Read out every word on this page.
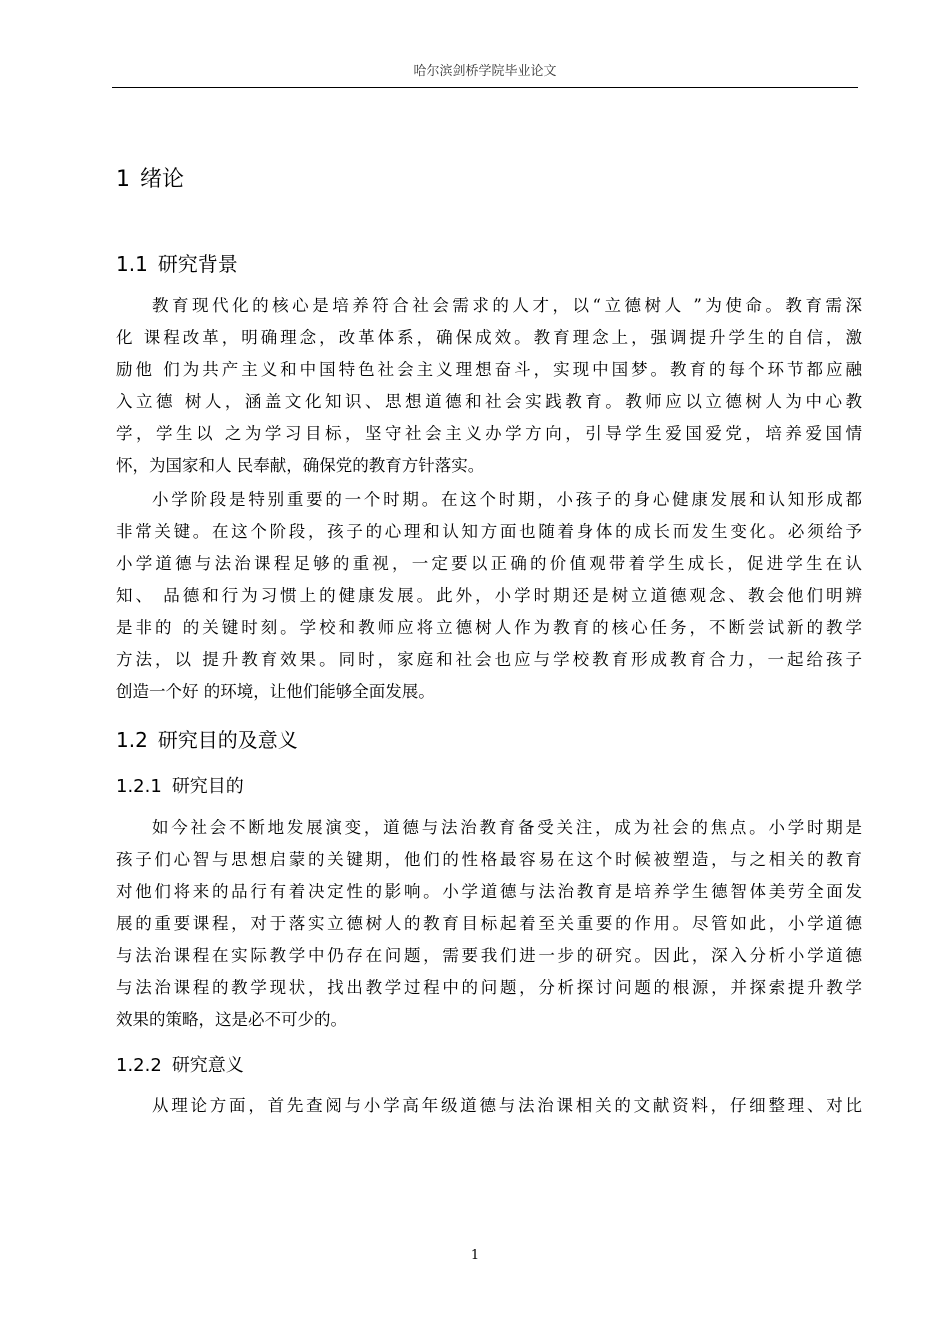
哈尔滨剑桥学院毕业论文
1 绪论
1.1 研究背景
教育现代化的核心是培养符合社会需求的人才，以“立德树人 ”为使命。教育需深
化 课程改革，明确理念，改革体系，确保成效。教育理念上，强调提升学生的自信，激
励他 们为共产主义和中国特色社会主义理想奋斗，实现中国梦。教育的每个环节都应融
入立德 树人，涵盖文化知识、思想道德和社会实践教育。教师应以立德树人为中心教
学，学生以 之为学习目标，坚守社会主义办学方向，引导学生爱国爱党，培养爱国情
怀，为国家和人 民奉献，确保党的教育方针落实。
小学阶段是特别重要的一个时期。在这个时期，小孩子的身心健康发展和认知形成都
非常关键。在这个阶段，孩子的心理和认知方面也随着身体的成长而发生变化。必须给予
小学道德与法治课程足够的重视，一定要以正确的价值观带着学生成长，促进学生在认
知、 品德和行为习惯上的健康发展。此外，小学时期还是树立道德观念、教会他们明辨
是非的 的关键时刻。学校和教师应将立德树人作为教育的核心任务，不断尝试新的教学
方法，以 提升教育效果。同时，家庭和社会也应与学校教育形成教育合力，一起给孩子
创造一个好 的环境，让他们能够全面发展。
1.2 研究目的及意义
1.2.1 研究目的
如今社会不断地发展演变，道德与法治教育备受关注，成为社会的焦点。小学时期是
孩子们心智与思想启蒙的关键期，他们的性格最容易在这个时候被塑造，与之相关的教育
对他们将来的品行有着决定性的影响。小学道德与法治教育是培养学生德智体美劳全面发
展的重要课程，对于落实立德树人的教育目标起着至关重要的作用。尽管如此，小学道德
与法治课程在实际教学中仍存在问题，需要我们进一步的研究。因此，深入分析小学道德
与法治课程的教学现状，找出教学过程中的问题，分析探讨问题的根源，并探索提升教学
效果的策略，这是必不可少的。
1.2.2 研究意义
从理论方面，首先查阅与小学高年级道德与法治课相关的文献资料，仔细整理、对比
1
